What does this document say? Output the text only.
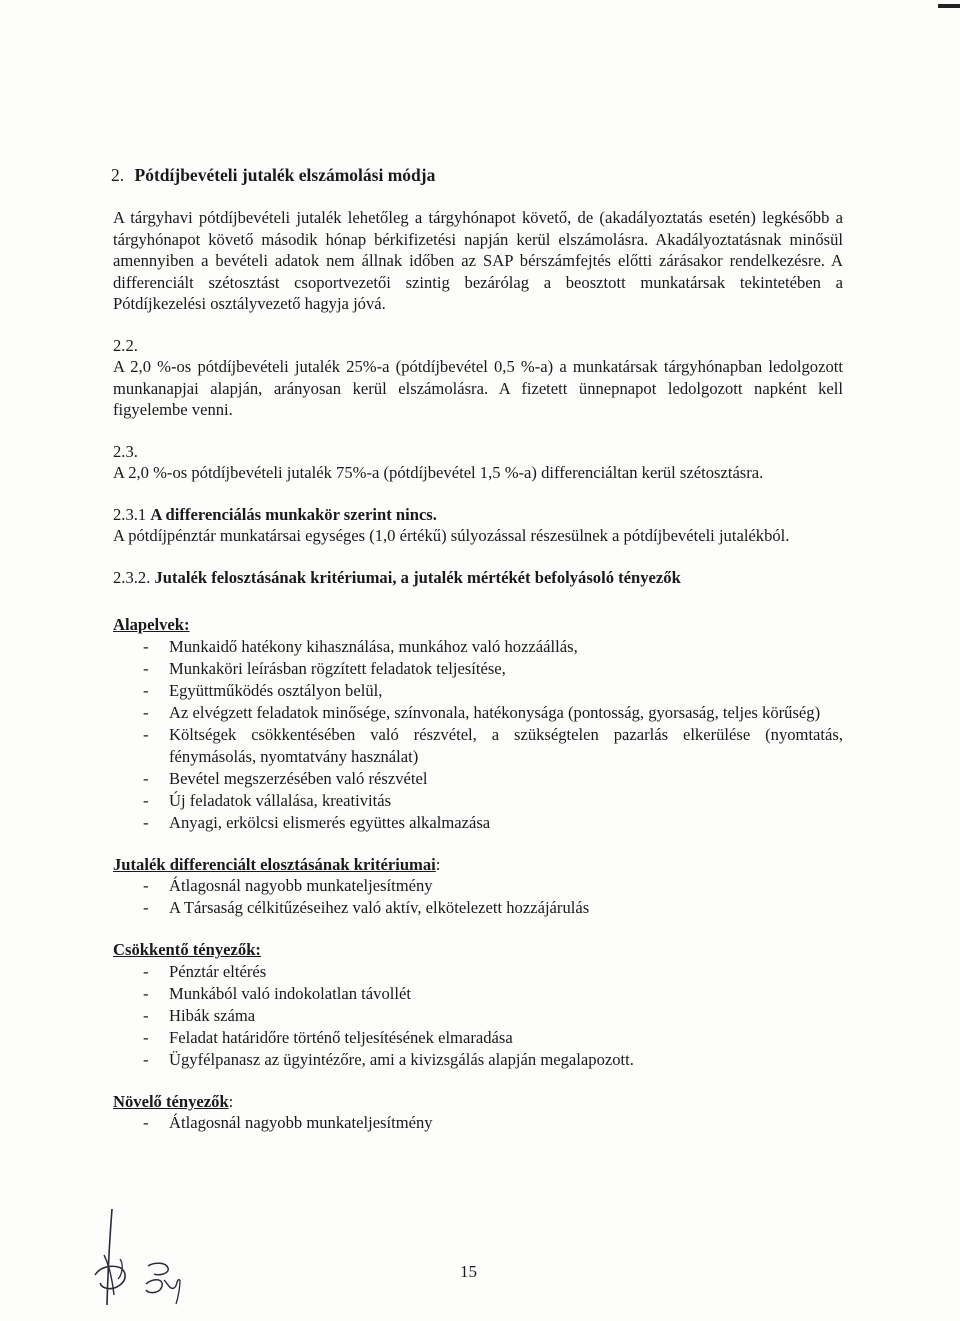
2. Pótdíjbevételi jutalék elszámolási módja

A tárgyhavi pótdíjbevételi jutalék lehetőleg a tárgyhónapot követő, de (akadályoztatás esetén) legkésőbb a tárgyhónapot követő második hónap bérkifizetési napján kerül elszámolásra. Akadályoztatásnak minősül amennyiben a bevételi adatok nem állnak időben az SAP bérszámfejtés előtti zárásakor rendelkezésre. A differenciált szétosztást csoportvezetői szintig bezárólag a beosztott munkatársak tekintetében a Pótdíjkezelési osztályvezető hagyja jóvá.

2.2.

A 2,0 %-os pótdíjbevételi jutalék 25%-a (pótdíjbevétel 0,5 %-a) a munkatársak tárgyhónapban ledolgozott munkanapjai alapján, arányosan kerül elszámolásra. A fizetett ünnepnapot ledolgozott napként kell figyelembe venni.

2.3.

A 2,0 %-os pótdíjbevételi jutalék 75%-a (pótdíjbevétel 1,5 %-a) differenciáltan kerül szétosztásra.

2.3.1 A differenciálás munkakör szerint nincs.

A pótdíjpénztár munkatársai egységes (1,0 értékű) súlyozással részesülnek a pótdíjbevételi jutalékból.

2.3.2. Jutalék felosztásának kritériumai, a jutalék mértékét befolyásoló tényezők
Alapelvek:
- Munkaidő hatékony kihasználása, munkához való hozzáállás,
- Munkaköri leírásban rögzített feladatok teljesítése,
- Együttműködés osztályon belül,
- Az elvégzett feladatok minősége, színvonala, hatékonysága (pontosság, gyorsaság, teljes körűség)
- Költségek csökkentésében való részvétel, a szükségtelen pazarlás elkerülése (nyomtatás, fénymásolás, nyomtatvány használat)
- Bevétel megszerzésében való részvétel
- Új feladatok vállalása, kreativitás
- Anyagi, erkölcsi elismerés együttes alkalmazása
Jutalék differenciált elosztásának kritériumai:
- Átlagosnál nagyobb munkateljesítmény
- A Társaság célkitűzéseihez való aktív, elkötelezett hozzájárulás
Csökkentő tényezők:
- Pénztár eltérés
- Munkából való indokolatlan távollét
- Hibák száma
- Feladat határidőre történő teljesítésének elmaradása
- Ügyfélpanasz az ügyintézőre, ami a kivizsgálás alapján megalapozott.
Növelő tényezők:
- Átlagosnál nagyobb munkateljesítmény
15
